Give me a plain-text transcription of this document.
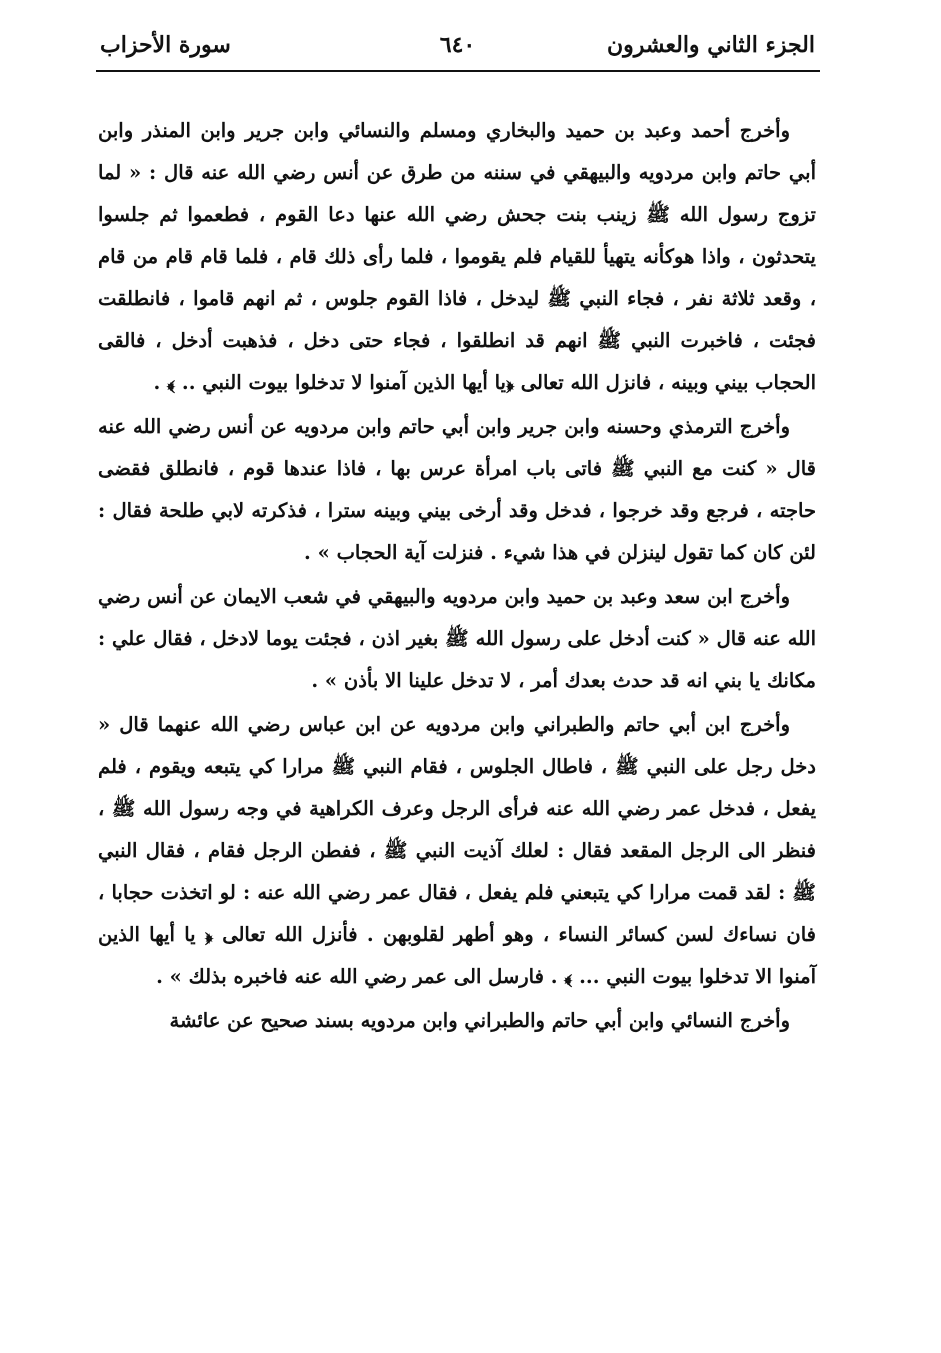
الجزء الثاني والعشرون
٦٤٠
سورة الأحزاب

وأخرج أحمد وعبد بن حميد والبخاري ومسلم والنسائي وابن جرير وابن المنذر وابن أبي حاتم وابن مردويه والبيهقي في سننه من طرق عن أنس رضي الله عنه قال : « لما تزوج رسول الله ﷺ زينب بنت جحش رضي الله عنها دعا القوم ، فطعموا ثم جلسوا يتحدثون ، واذا هوكأنه يتهيأ للقيام فلم يقوموا ، فلما رأى ذلك قام ، فلما قام قام من قام ، وقعد ثلاثة نفر ، فجاء النبي ﷺ ليدخل ، فاذا القوم جلوس ، ثم انهم قاموا ، فانطلقت فجئت ، فاخبرت النبي ﷺ انهم قد انطلقوا ، فجاء حتى دخل ، فذهبت أدخل ، فالقى الحجاب بيني وبينه ، فانزل الله تعالى ﴿يا أيها الذين آمنوا لا تدخلوا بيوت النبي .. ﴾ .

وأخرج الترمذي وحسنه وابن جرير وابن أبي حاتم وابن مردويه عن أنس رضي الله عنه قال « كنت مع النبي ﷺ فاتى باب امرأة عرس بها ، فاذا عندها قوم ، فانطلق فقضى حاجته ، فرجع وقد خرجوا ، فدخل وقد أرخى بيني وبينه سترا ، فذكرته لابي طلحة فقال : لئن كان كما تقول لينزلن في هذا شيء . فنزلت آية الحجاب » .

وأخرج ابن سعد وعبد بن حميد وابن مردويه والبيهقي في شعب الايمان عن أنس رضي الله عنه قال « كنت أدخل على رسول الله ﷺ بغير اذن ، فجئت يوما لادخل ، فقال علي : مكانك يا بني انه قد حدث بعدك أمر ، لا تدخل علينا الا بأذن » .

وأخرج ابن أبي حاتم والطبراني وابن مردويه عن ابن عباس رضي الله عنهما قال « دخل رجل على النبي ﷺ ، فاطال الجلوس ، فقام النبي ﷺ مرارا كي يتبعه ويقوم ، فلم يفعل ، فدخل عمر رضي الله عنه فرأى الرجل وعرف الكراهية في وجه رسول الله ﷺ ، فنظر الى الرجل المقعد فقال : لعلك آذيت النبي ﷺ ، ففطن الرجل فقام ، فقال النبي ﷺ : لقد قمت مرارا كي يتبعني فلم يفعل ، فقال عمر رضي الله عنه : لو اتخذت حجابا ، فان نساءك لسن كسائر النساء ، وهو أطهر لقلوبهن . فأنزل الله تعالى ﴿ يا أيها الذين آمنوا الا تدخلوا بيوت النبي ... ﴾ . فارسل الى عمر رضي الله عنه فاخبره بذلك » .

وأخرج النسائي وابن أبي حاتم والطبراني وابن مردويه بسند صحيح عن عائشة
